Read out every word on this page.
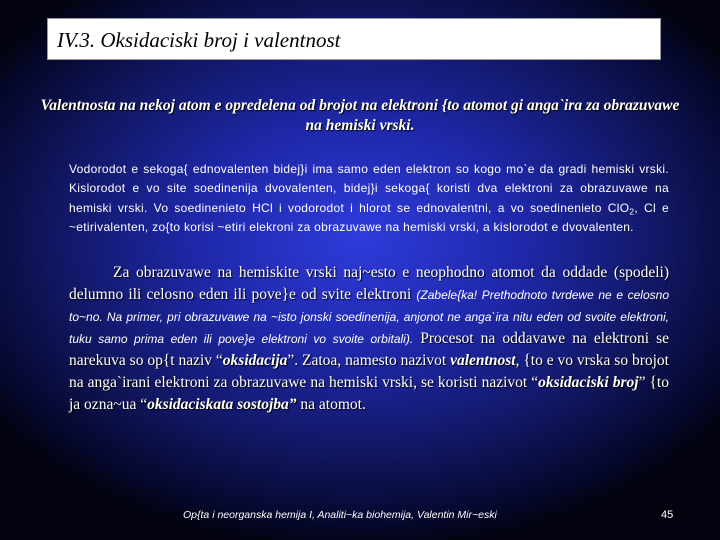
IV.3. Oksidaciski broj i valentnost
Valentnosta na nekoj atom e opredelena od brojot na elektroni {to atomot gi anga`ira za obrazuvawe na hemiski vrski.
Vodorodot e sekoga{ ednovalenten bidej}i ima samo eden elektron so kogo mo`e da gradi hemiski vrski. Kislorodot e vo site soedinenija dvovalenten, bidej}i sekoga{ koristi dva elektroni za obrazuvawe na hemiski vrski. Vo soedinenieto HCl i vodorodot i hlorot se ednovalentni, a vo soedinenieto ClO$_2$, Cl e ~etirivalenten, zo{to korisi ~etiri elekroni za obrazuvawe na hemiski vrski, a kislorodot e dvovalenten.
Za obrazuvawe na hemiskite vrski naj~esto e neophodno atomot da oddade (spodeli) delumno ili celosno eden ili pove}e od svite elektroni (Zabele{ka! Prethodnoto tvrdewe ne e celosno to~no. Na primer, pri obrazuvawe na ~isto jonski soedinenija, anjonot ne anga`ira nitu eden od svoite elektroni, tuku samo prima eden ili pove}e elektroni vo svoite orbitali). Procesot na oddavawe na elektroni se narekuva so op{t naziv “oksidacija”. Zatoa, namesto nazivot valentnost, {to e vo vrska so brojot na anga`irani elektroni za obrazuvawe na hemiski vrski, se koristi nazivot “oksidaciski broj” {to ja ozna~ua “oksidaciskata sostojba” na atomot.
Op{ta i neorganska hemija I, Analiti~ka biohemija, Valentin Mir~eski	45
